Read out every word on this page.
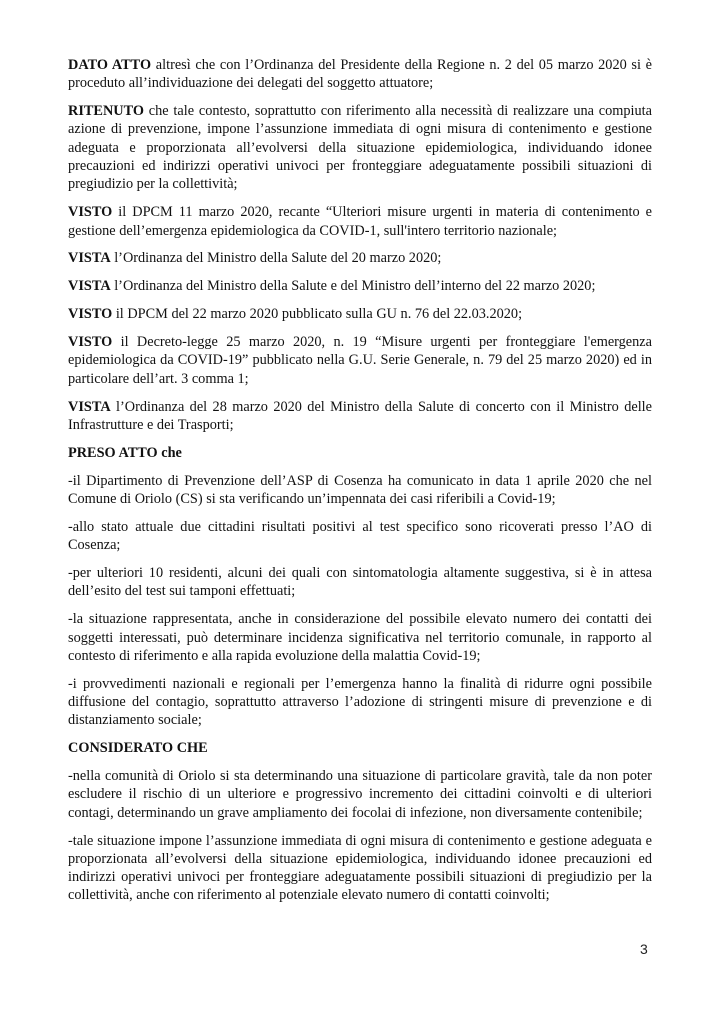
DATO ATTO altresì che con l’Ordinanza del Presidente della Regione n. 2 del 05 marzo 2020 si è proceduto all’individuazione dei delegati del soggetto attuatore;

RITENUTO che tale contesto, soprattutto con riferimento alla necessità di realizzare una compiuta azione di prevenzione, impone l’assunzione immediata di ogni misura di contenimento e gestione adeguata e proporzionata all’evolversi della situazione epidemiologica, individuando idonee precauzioni ed indirizzi operativi univoci per fronteggiare adeguatamente possibili situazioni di pregiudizio per la collettività;

VISTO il DPCM 11 marzo 2020, recante “Ulteriori misure urgenti in materia di contenimento e gestione dell’emergenza epidemiologica da COVID-1, sull'intero territorio nazionale;

VISTA l’Ordinanza del Ministro della Salute del 20 marzo 2020;

VISTA l’Ordinanza del Ministro della Salute e del Ministro dell’interno del 22 marzo 2020;

VISTO il DPCM del 22 marzo 2020 pubblicato sulla GU n. 76 del 22.03.2020;

VISTO il Decreto-legge 25 marzo 2020, n. 19 “Misure urgenti per fronteggiare l'emergenza epidemiologica da COVID-19” pubblicato nella G.U. Serie Generale, n. 79 del 25 marzo 2020) ed in particolare dell’art. 3 comma 1;

VISTA l’Ordinanza del 28 marzo 2020 del Ministro della Salute di concerto con il Ministro delle Infrastrutture e dei Trasporti;

PRESO ATTO che

-il Dipartimento di Prevenzione dell’ASP di Cosenza ha comunicato in data 1 aprile 2020 che nel Comune di Oriolo (CS) si sta verificando un’impennata dei casi riferibili a Covid-19;

-allo stato attuale due cittadini risultati positivi al test specifico sono ricoverati presso l’AO di Cosenza;

-per ulteriori 10 residenti, alcuni dei quali con sintomatologia altamente suggestiva, si è in attesa dell’esito del test sui tamponi effettuati;

-la situazione rappresentata, anche in considerazione del possibile elevato numero dei contatti dei soggetti interessati, può determinare incidenza significativa nel territorio comunale, in rapporto al contesto di riferimento e alla rapida evoluzione della malattia Covid-19;

-i provvedimenti nazionali e regionali per l’emergenza hanno la finalità di ridurre ogni possibile diffusione del contagio, soprattutto attraverso l’adozione di stringenti misure di prevenzione e di distanziamento sociale;

CONSIDERATO CHE

-nella comunità di Oriolo si sta determinando una situazione di particolare gravità, tale da non poter escludere il rischio di un ulteriore e progressivo incremento dei cittadini coinvolti e di ulteriori contagi, determinando un grave ampliamento dei focolai di infezione, non diversamente contenibile;

-tale situazione impone l’assunzione immediata di ogni misura di contenimento e gestione adeguata e proporzionata all’evolversi della situazione epidemiologica, individuando idonee precauzioni ed indirizzi operativi univoci per fronteggiare adeguatamente possibili situazioni di pregiudizio per la collettività, anche con riferimento al potenziale elevato numero di contatti coinvolti;

3
